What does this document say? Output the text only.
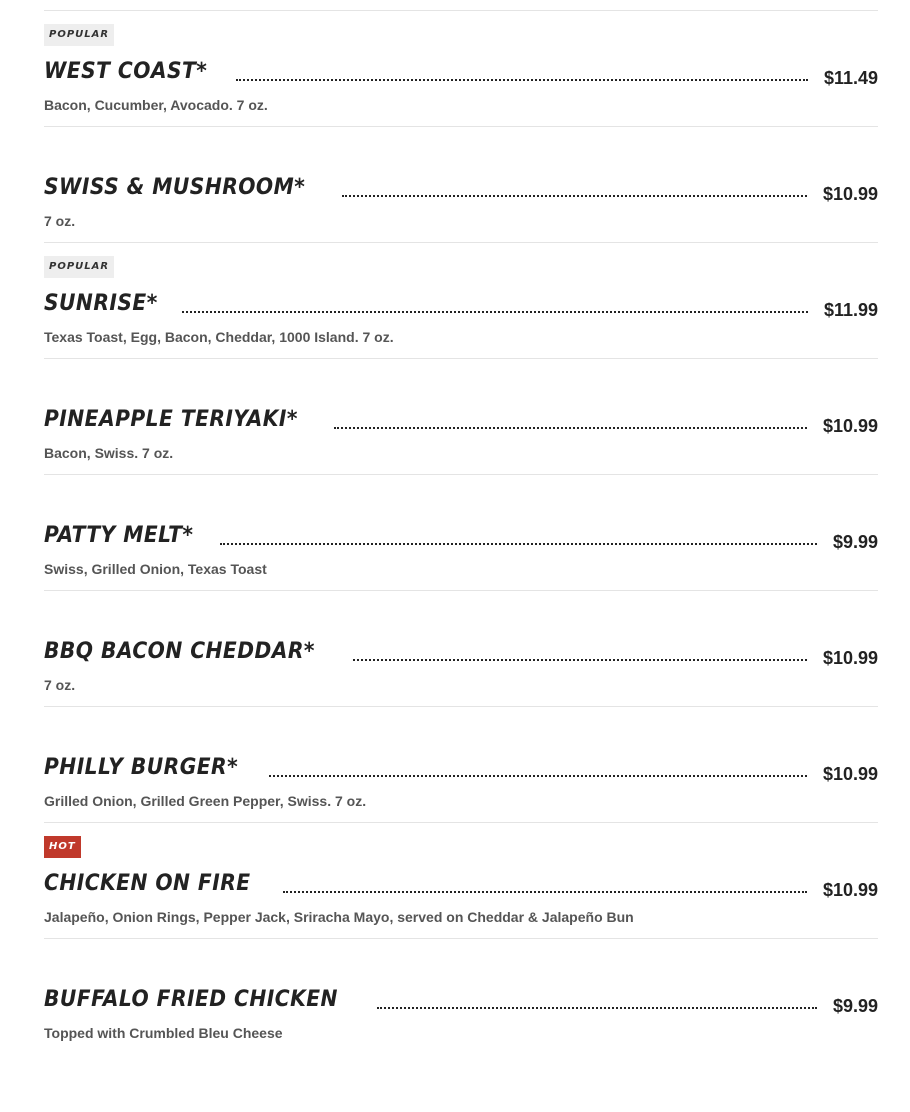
POPULAR
WEST COAST*	$11.49
Bacon, Cucumber, Avocado. 7 oz.
SWISS & MUSHROOM*	$10.99
7 oz.
POPULAR
SUNRISE*	$11.99
Texas Toast, Egg, Bacon, Cheddar, 1000 Island. 7 oz.
PINEAPPLE TERIYAKI*	$10.99
Bacon, Swiss. 7 oz.
PATTY MELT*	$9.99
Swiss, Grilled Onion, Texas Toast
BBQ BACON CHEDDAR*	$10.99
7 oz.
PHILLY BURGER*	$10.99
Grilled Onion, Grilled Green Pepper, Swiss. 7 oz.
HOT
CHICKEN ON FIRE	$10.99
Jalapeño, Onion Rings, Pepper Jack, Sriracha Mayo, served on Cheddar & Jalapeño Bun
BUFFALO FRIED CHICKEN	$9.99
Topped with Crumbled Bleu Cheese
